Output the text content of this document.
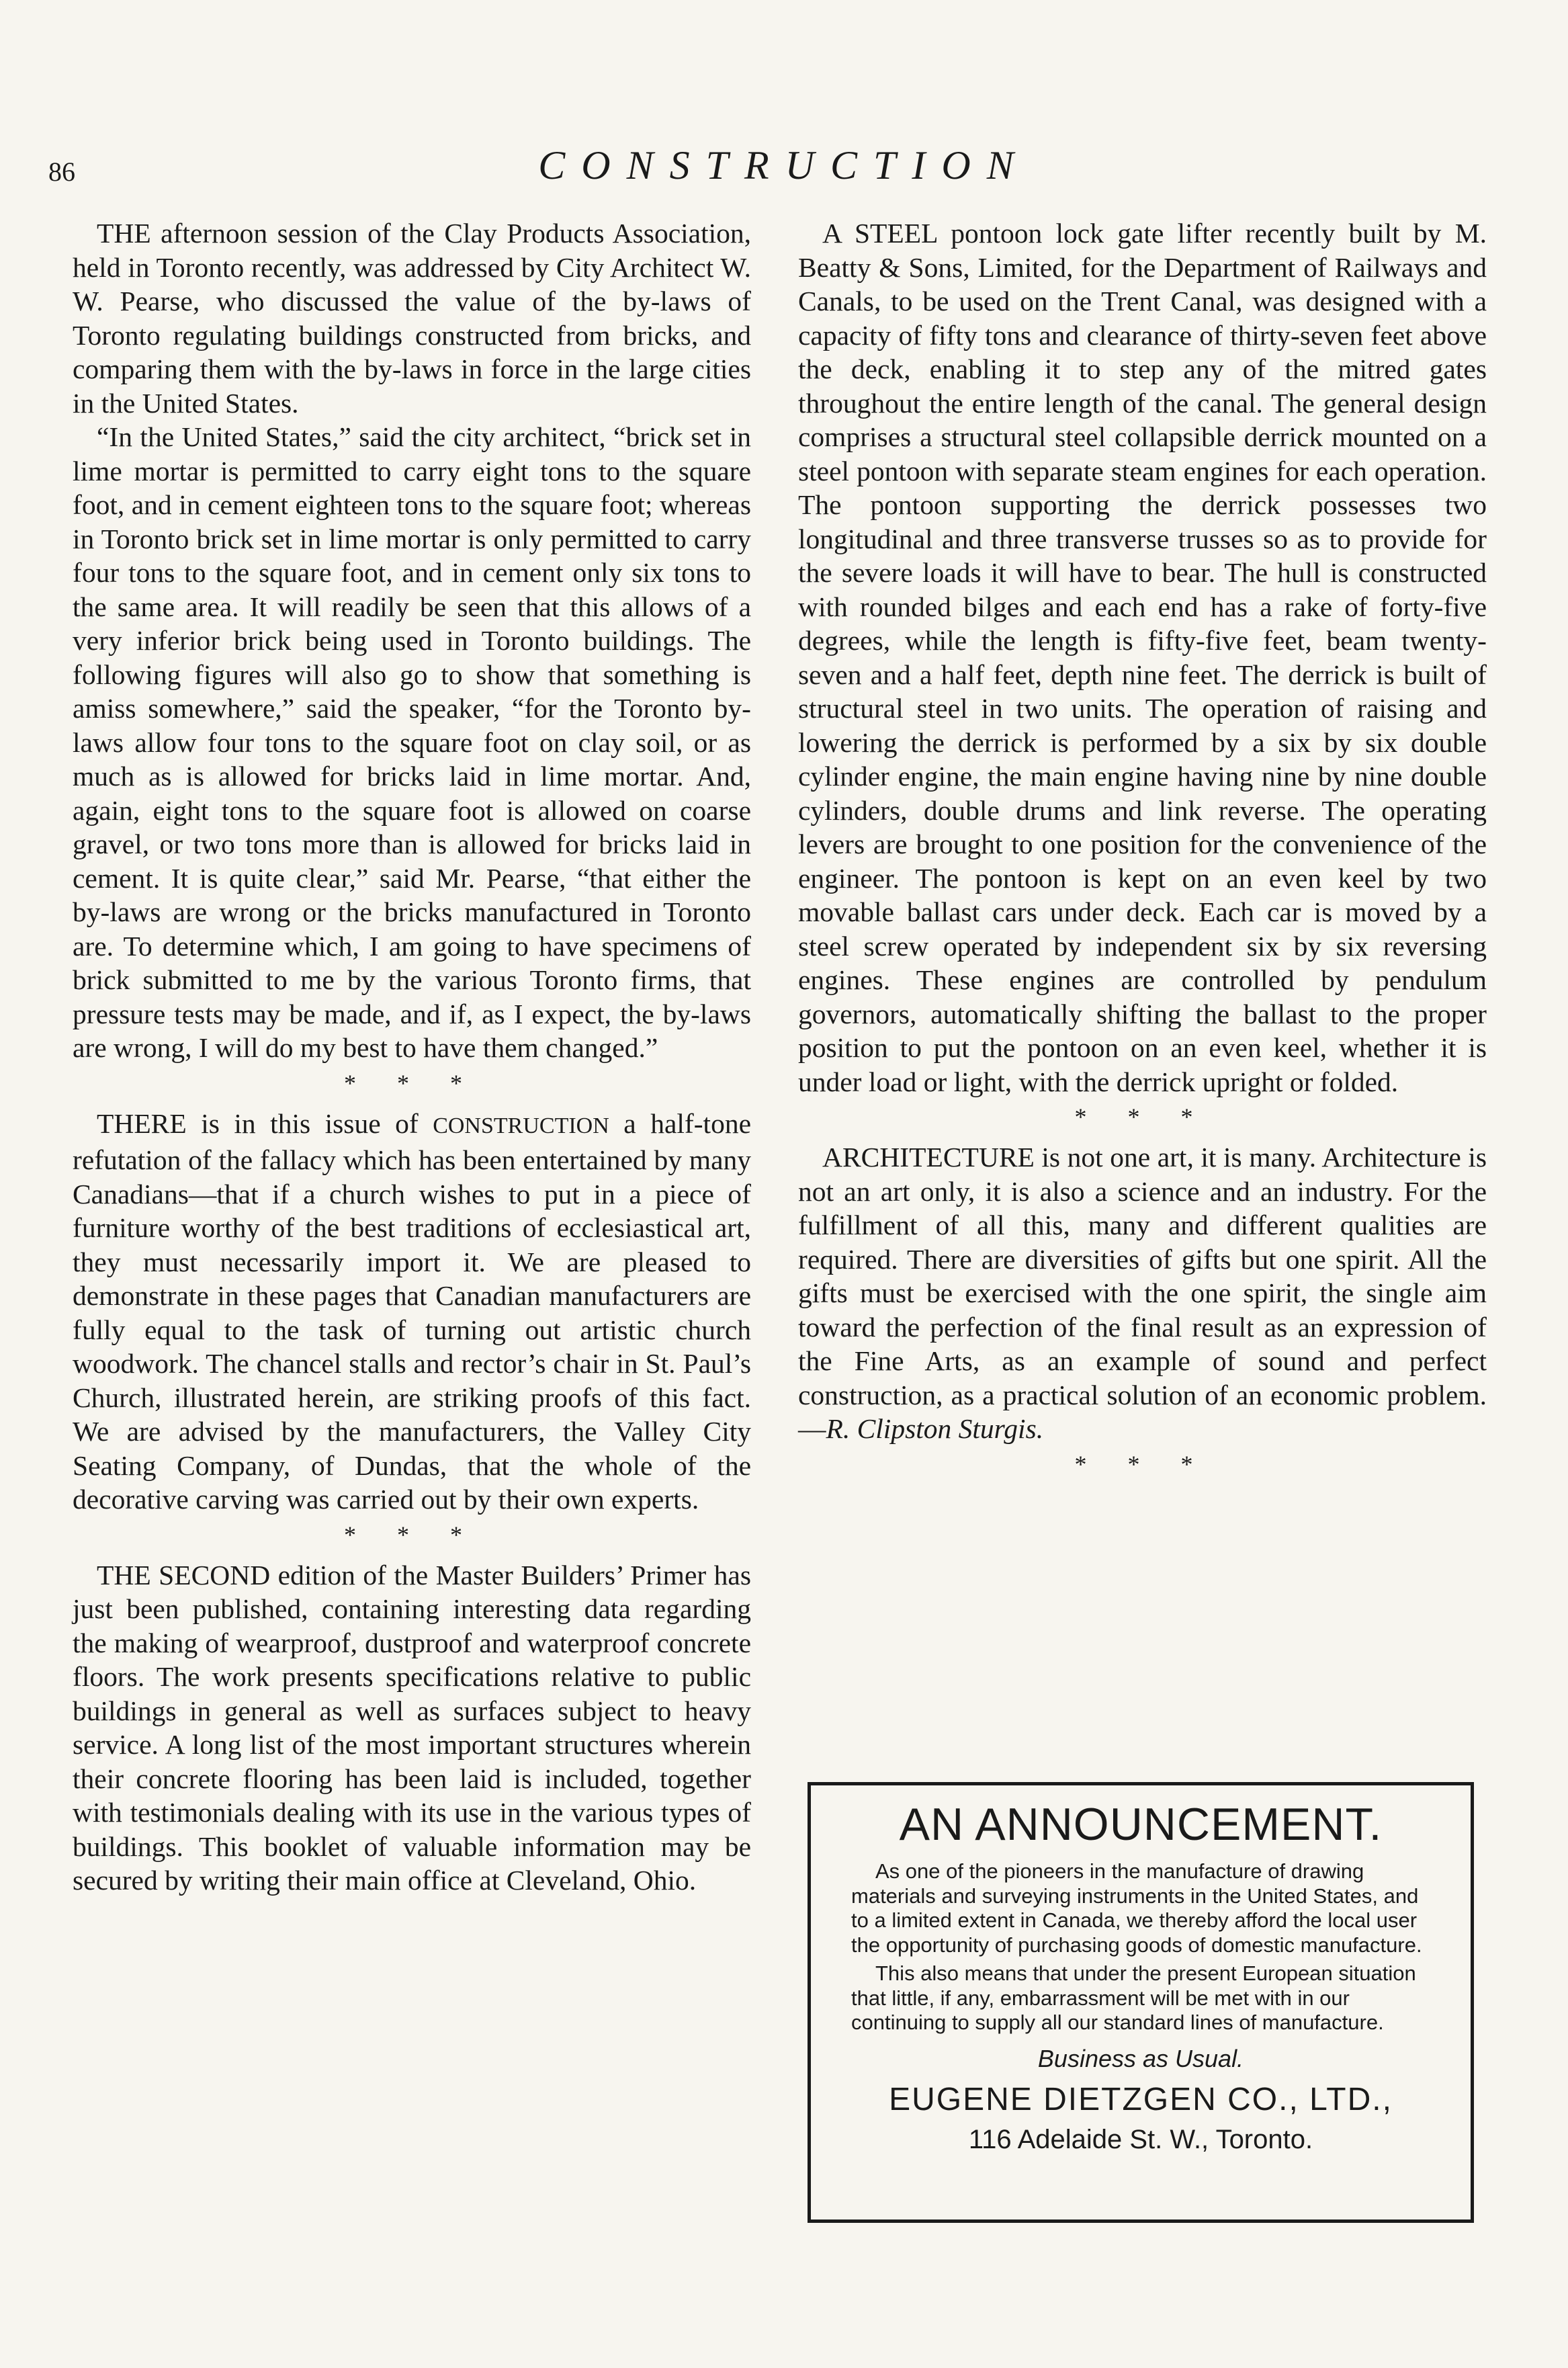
86	CONSTRUCTION

THE afternoon session of the Clay Products Association, held in Toronto recently, was addressed by City Architect W. W. Pearse, who discussed the value of the by-laws of Toronto regulating buildings constructed from bricks, and comparing them with the by-laws in force in the large cities in the United States.

“In the United States,” said the city architect, “brick set in lime mortar is permitted to carry eight tons to the square foot, and in cement eighteen tons to the square foot; whereas in Toronto brick set in lime mortar is only permitted to carry four tons to the square foot, and in cement only six tons to the same area. It will readily be seen that this allows of a very inferior brick being used in Toronto buildings. The following figures will also go to show that something is amiss somewhere,” said the speaker, “for the Toronto by-laws allow four tons to the square foot on clay soil, or as much as is allowed for bricks laid in lime mortar. And, again, eight tons to the square foot is allowed on coarse gravel, or two tons more than is allowed for bricks laid in cement. It is quite clear,” said Mr. Pearse, “that either the by-laws are wrong or the bricks manufactured in Toronto are. To determine which, I am going to have specimens of brick submitted to me by the various Toronto firms, that pressure tests may be made, and if, as I expect, the by-laws are wrong, I will do my best to have them changed.”

* * *

THERE is in this issue of CONSTRUCTION a half-tone refutation of the fallacy which has been entertained by many Canadians—that if a church wishes to put in a piece of furniture worthy of the best traditions of ecclesiastical art, they must necessarily import it. We are pleased to demonstrate in these pages that Canadian manufacturers are fully equal to the task of turning out artistic church woodwork. The chancel stalls and rector’s chair in St. Paul’s Church, illustrated herein, are striking proofs of this fact. We are advised by the manufacturers, the Valley City Seating Company, of Dundas, that the whole of the decorative carving was carried out by their own experts.

* * *

THE SECOND edition of the Master Builders’ Primer has just been published, containing interesting data regarding the making of wearproof, dustproof and waterproof concrete floors. The work presents specifications relative to public buildings in general as well as surfaces subject to heavy service. A long list of the most important structures wherein their concrete flooring has been laid is included, together with testimonials dealing with its use in the various types of buildings. This booklet of valuable information may be secured by writing their main office at Cleveland, Ohio.

A STEEL pontoon lock gate lifter recently built by M. Beatty & Sons, Limited, for the Department of Railways and Canals, to be used on the Trent Canal, was designed with a capacity of fifty tons and clearance of thirty-seven feet above the deck, enabling it to step any of the mitred gates throughout the entire length of the canal. The general design comprises a structural steel collapsible derrick mounted on a steel pontoon with separate steam engines for each operation. The pontoon supporting the derrick possesses two longitudinal and three transverse trusses so as to provide for the severe loads it will have to bear. The hull is constructed with rounded bilges and each end has a rake of forty-five degrees, while the length is fifty-five feet, beam twenty-seven and a half feet, depth nine feet. The derrick is built of structural steel in two units. The operation of raising and lowering the derrick is performed by a six by six double cylinder engine, the main engine having nine by nine double cylinders, double drums and link reverse. The operating levers are brought to one position for the convenience of the engineer. The pontoon is kept on an even keel by two movable ballast cars under deck. Each car is moved by a steel screw operated by independent six by six reversing engines. These engines are controlled by pendulum governors, automatically shifting the ballast to the proper position to put the pontoon on an even keel, whether it is under load or light, with the derrick upright or folded.

* * *

ARCHITECTURE is not one art, it is many. Architecture is not an art only, it is also a science and an industry. For the fulfillment of all this, many and different qualities are required. There are diversities of gifts but one spirit. All the gifts must be exercised with the one spirit, the single aim toward the perfection of the final result as an expression of the Fine Arts, as an example of sound and perfect construction, as a practical solution of an economic problem.—R. Clipston Sturgis.

* * *
AN ANNOUNCEMENT.

As one of the pioneers in the manufacture of drawing materials and surveying instruments in the United States, and to a limited extent in Canada, we thereby afford the local user the opportunity of purchasing goods of domestic manufacture.

This also means that under the present European situation that little, if any, embarrassment will be met with in our continuing to supply all our standard lines of manufacture.

Business as Usual.
EUGENE DIETZGEN CO., LTD.,
116 Adelaide St. W., Toronto.
